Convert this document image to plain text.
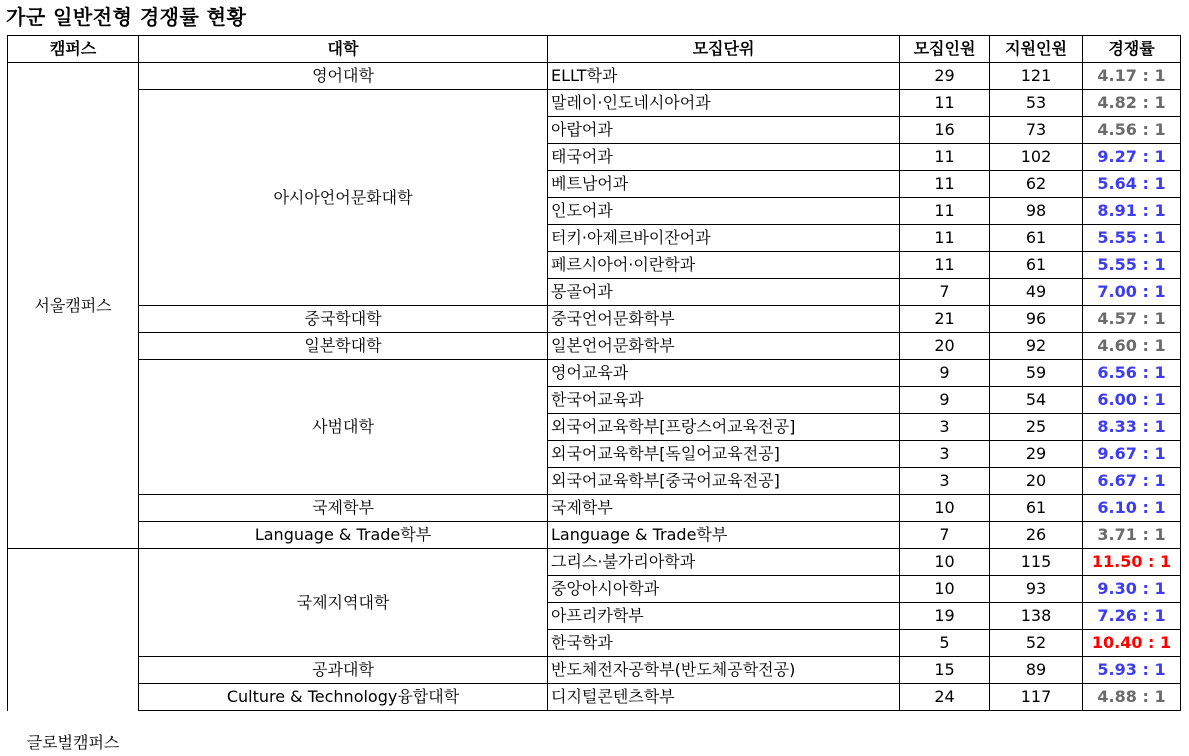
가군 일반전형 경쟁률 현황
캠퍼스	대학	모집단위	모집인원	지원인원	경쟁률
서울캠퍼스	영어대학	ELLT학과	29	121	4.17 : 1
	아시아언어문화대학	말레이·인도네시아어과	11	53	4.82 : 1
		아랍어과	16	73	4.56 : 1
		태국어과	11	102	9.27 : 1
		베트남어과	11	62	5.64 : 1
		인도어과	11	98	8.91 : 1
		터키·아제르바이잔어과	11	61	5.55 : 1
		페르시아어·이란학과	11	61	5.55 : 1
		몽골어과	7	49	7.00 : 1
	중국학대학	중국언어문화학부	21	96	4.57 : 1
	일본학대학	일본언어문화학부	20	92	4.60 : 1
	사범대학	영어교육과	9	59	6.56 : 1
		한국어교육과	9	54	6.00 : 1
		외국어교육학부[프랑스어교육전공]	3	25	8.33 : 1
		외국어교육학부[독일어교육전공]	3	29	9.67 : 1
		외국어교육학부[중국어교육전공]	3	20	6.67 : 1
	국제학부	국제학부	10	61	6.10 : 1
	Language & Trade학부	Language & Trade학부	7	26	3.71 : 1

글로벌캠퍼스	국제지역대학	그리스·불가리아학과	10	115	11.50 : 1
		중앙아시아학과	10	93	9.30 : 1
		아프리카학부	19	138	7.26 : 1
		한국학과	5	52	10.40 : 1
	공과대학	반도체전자공학부(반도체공학전공)	15	89	5.93 : 1
	Culture & Technology융합대학	디지털콘텐츠학부	24	117	4.88 : 1
